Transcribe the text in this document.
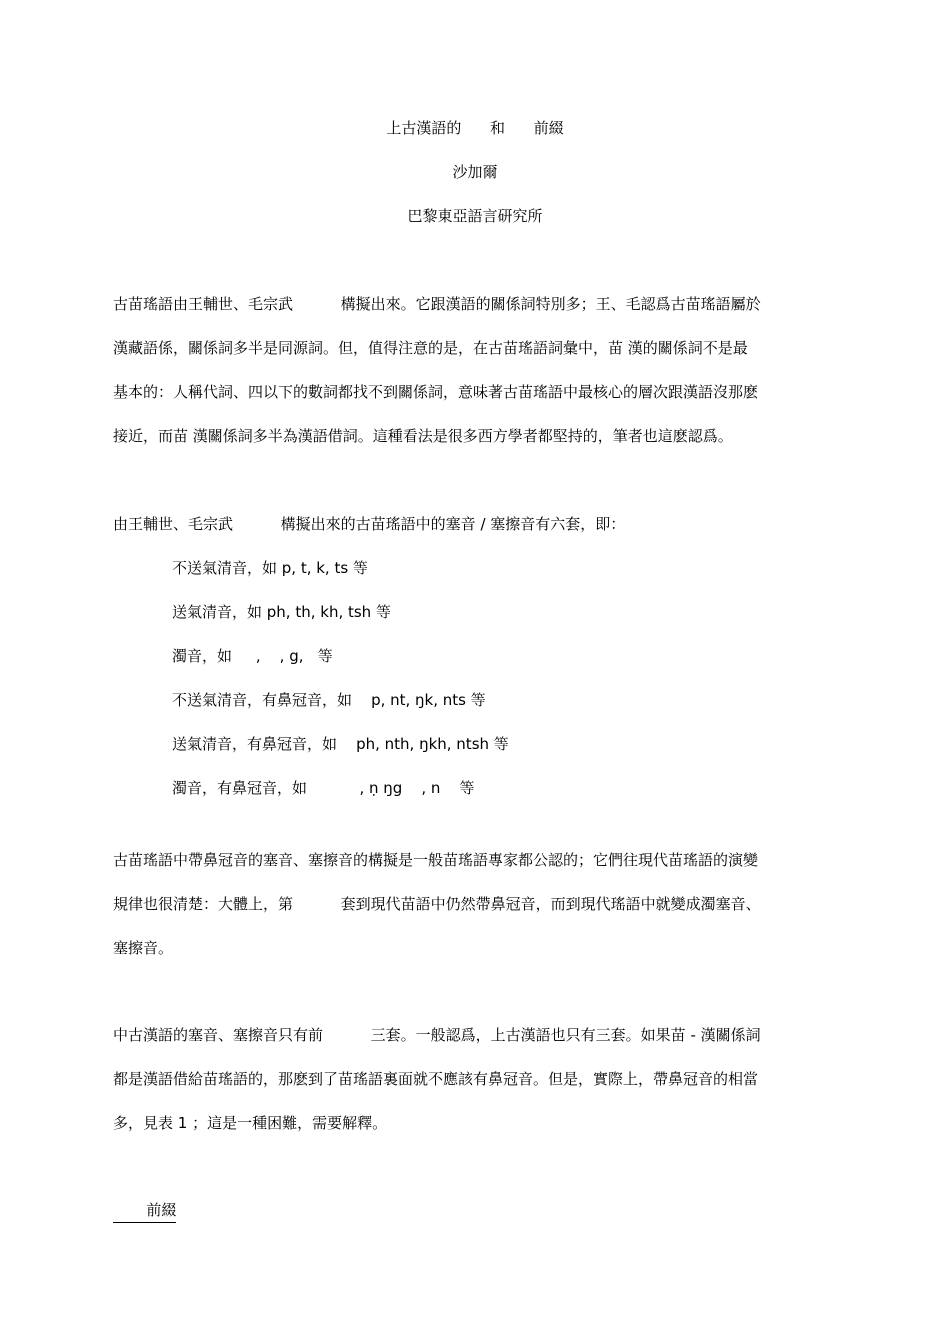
上古漢語的      和      前綴
沙加爾
巴黎東亞語言研究所
古苗瑤語由王輔世、毛宗武          構擬出來。它跟漢語的關係詞特別多；王、毛認爲古苗瑤語屬於
漢藏語係，關係詞多半是同源詞。但，值得注意的是，在古苗瑤語詞彙中，苗 漢的關係詞不是最
基本的：人稱代詞、四以下的數詞都找不到關係詞，意味著古苗瑤語中最核心的層次跟漢語沒那麽
接近，而苗 漢關係詞多半為漢語借詞。這種看法是很多西方學者都堅持的，筆者也這麽認爲。
由王輔世、毛宗武          構擬出來的古苗瑤語中的塞音 / 塞擦音有六套，即：
不送氣清音，如 p, t, k, ts 等
送氣清音，如 ph, th, kh, tsh 等
濁音，如     ,    , g,   等
不送氣清音，有鼻冠音，如    p, nt, ŋk, nts 等
送氣清音，有鼻冠音，如    ph, nth, ŋkh, ntsh 等
濁音，有鼻冠音，如           , ṇ ŋg    , n    等
古苗瑤語中帶鼻冠音的塞音、塞擦音的構擬是一般苗瑤語專家都公認的；它們往現代苗瑤語的演變
規律也很清楚：大體上，第          套到現代苗語中仍然帶鼻冠音，而到現代瑤語中就變成濁塞音、
塞擦音。
中古漢語的塞音、塞擦音只有前          三套。一般認爲，上古漢語也只有三套。如果苗 - 漢關係詞
都是漢語借給苗瑤語的，那麽到了苗瑤語裏面就不應該有鼻冠音。但是，實際上，帶鼻冠音的相當
多，見表 1 ；這是一種困難，需要解釋。
前綴
